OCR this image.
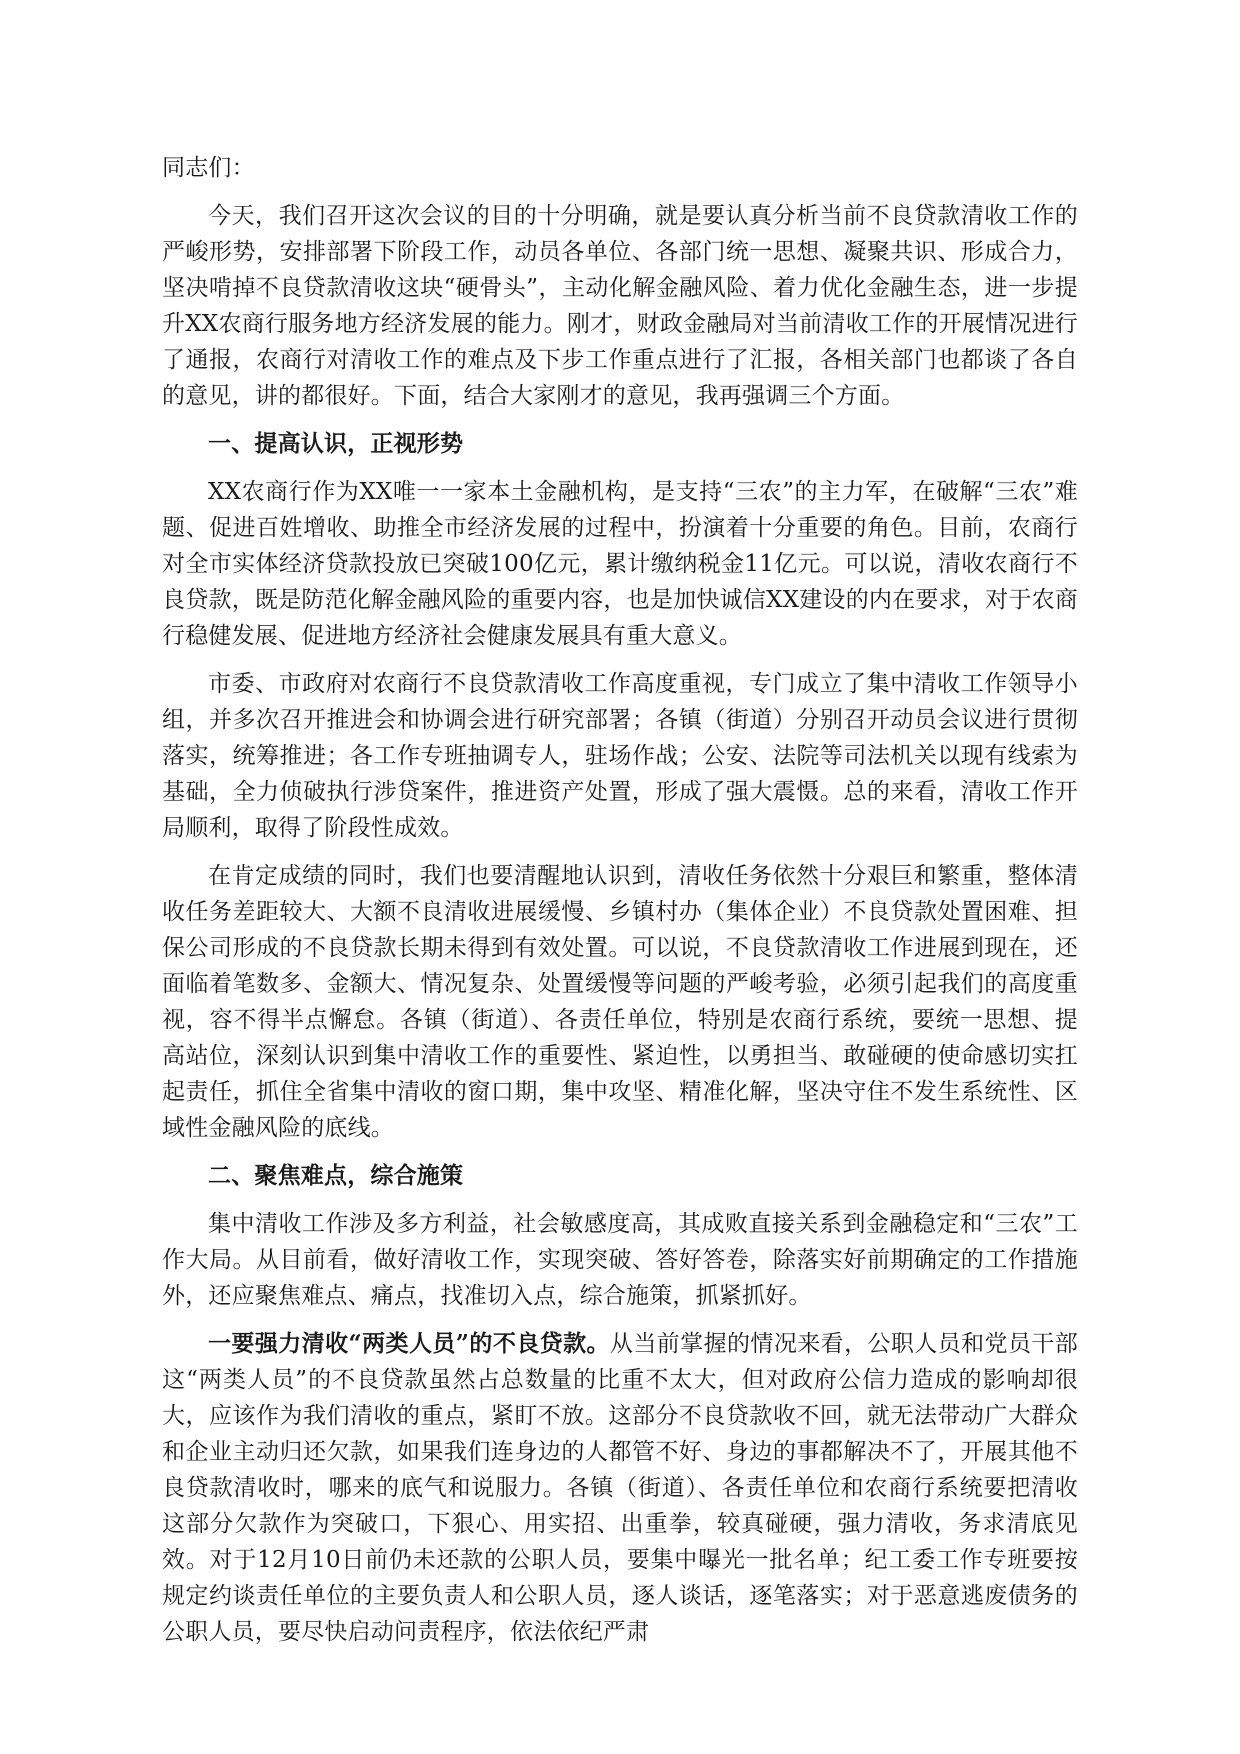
同志们：

今天，我们召开这次会议的目的十分明确，就是要认真分析当前不良贷款清收工作的严峻形势，安排部署下阶段工作，动员各单位、各部门统一思想、凝聚共识、形成合力，坚决啃掉不良贷款清收这块“硬骨头”，主动化解金融风险、着力优化金融生态，进一步提升XX农商行服务地方经济发展的能力。刚才，财政金融局对当前清收工作的开展情况进行了通报，农商行对清收工作的难点及下步工作重点进行了汇报，各相关部门也都谈了各自的意见，讲的都很好。下面，结合大家刚才的意见，我再强调三个方面。

一、提高认识，正视形势

XX农商行作为XX唯一一家本土金融机构，是支持“三农”的主力军，在破解“三农”难题、促进百姓增收、助推全市经济发展的过程中，扮演着十分重要的角色。目前，农商行对全市实体经济贷款投放已突破100亿元，累计缴纳税金11亿元。可以说，清收农商行不良贷款，既是防范化解金融风险的重要内容，也是加快诚信XX建设的内在要求，对于农商行稳健发展、促进地方经济社会健康发展具有重大意义。

市委、市政府对农商行不良贷款清收工作高度重视，专门成立了集中清收工作领导小组，并多次召开推进会和协调会进行研究部署；各镇（街道）分别召开动员会议进行贯彻落实，统筹推进；各工作专班抽调专人，驻场作战；公安、法院等司法机关以现有线索为基础，全力侦破执行涉贷案件，推进资产处置，形成了强大震慑。总的来看，清收工作开局顺利，取得了阶段性成效。

在肯定成绩的同时，我们也要清醒地认识到，清收任务依然十分艰巨和繁重，整体清收任务差距较大、大额不良清收进展缓慢、乡镇村办（集体企业）不良贷款处置困难、担保公司形成的不良贷款长期未得到有效处置。可以说，不良贷款清收工作进展到现在，还面临着笔数多、金额大、情况复杂、处置缓慢等问题的严峻考验，必须引起我们的高度重视，容不得半点懈怠。各镇（街道）、各责任单位，特别是农商行系统，要统一思想、提高站位，深刻认识到集中清收工作的重要性、紧迫性，以勇担当、敢碰硬的使命感切实扛起责任，抓住全省集中清收的窗口期，集中攻坚、精准化解，坚决守住不发生系统性、区域性金融风险的底线。

二、聚焦难点，综合施策

集中清收工作涉及多方利益，社会敏感度高，其成败直接关系到金融稳定和“三农”工作大局。从目前看，做好清收工作，实现突破、答好答卷，除落实好前期确定的工作措施外，还应聚焦难点、痛点，找准切入点，综合施策，抓紧抓好。

一要强力清收“两类人员”的不良贷款。从当前掌握的情况来看，公职人员和党员干部这“两类人员”的不良贷款虽然占总数量的比重不太大，但对政府公信力造成的影响却很大，应该作为我们清收的重点，紧盯不放。这部分不良贷款收不回，就无法带动广大群众和企业主动归还欠款，如果我们连身边的人都管不好、身边的事都解决不了，开展其他不良贷款清收时，哪来的底气和说服力。各镇（街道）、各责任单位和农商行系统要把清收这部分欠款作为突破口，下狠心、用实招、出重拳，较真碰硬，强力清收，务求清底见效。对于12月10日前仍未还款的公职人员，要集中曝光一批名单；纪工委工作专班要按规定约谈责任单位的主要负责人和公职人员，逐人谈话，逐笔落实；对于恶意逃废债务的公职人员，要尽快启动问责程序，依法依纪严肃
